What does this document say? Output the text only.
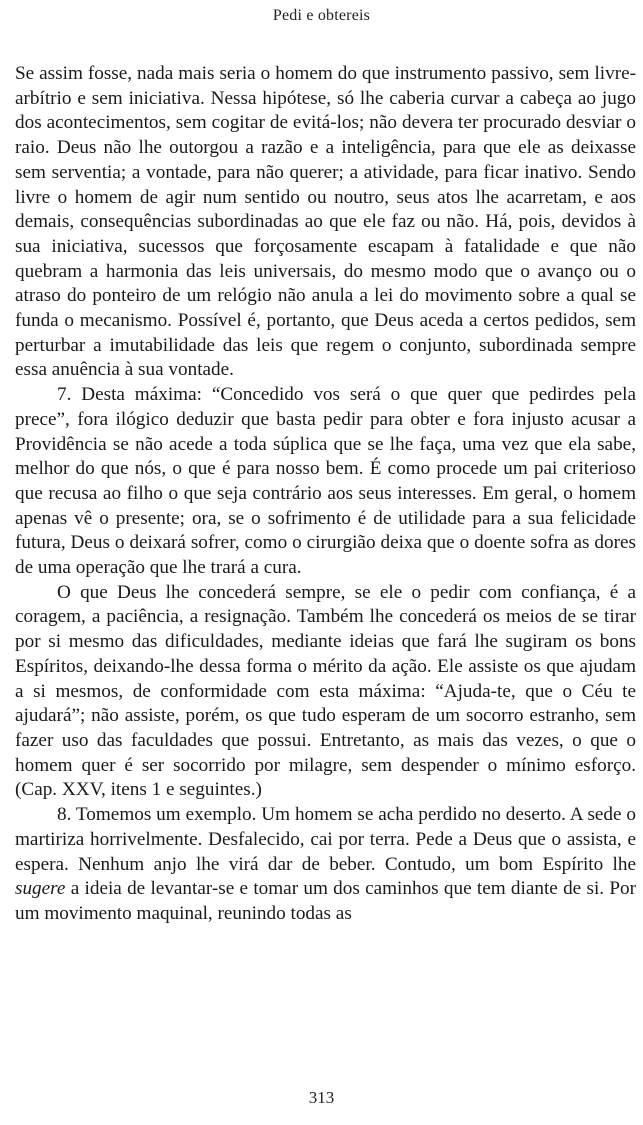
Pedi e obtereis

Se assim fosse, nada mais seria o homem do que instrumento passivo, sem livre-arbítrio e sem iniciativa. Nessa hipótese, só lhe caberia curvar a cabeça ao jugo dos acontecimentos, sem cogitar de evitá-los; não devera ter procurado desviar o raio. Deus não lhe outorgou a razão e a inteligência, para que ele as deixasse sem serventia; a vontade, para não querer; a atividade, para ficar inativo. Sendo livre o homem de agir num sentido ou noutro, seus atos lhe acarretam, e aos demais, consequências subordinadas ao que ele faz ou não. Há, pois, devidos à sua iniciativa, sucessos que forçosamente escapam à fatalidade e que não quebram a harmonia das leis universais, do mesmo modo que o avanço ou o atraso do ponteiro de um relógio não anula a lei do movimento sobre a qual se funda o mecanismo. Possível é, portanto, que Deus aceda a certos pedidos, sem perturbar a imutabilidade das leis que regem o conjunto, subordinada sempre essa anuência à sua vontade.

7. Desta máxima: “Concedido vos será o que quer que pedirdes pela prece”, fora ilógico deduzir que basta pedir para obter e fora injusto acusar a Providência se não acede a toda súplica que se lhe faça, uma vez que ela sabe, melhor do que nós, o que é para nosso bem. É como procede um pai criterioso que recusa ao filho o que seja contrário aos seus interesses. Em geral, o homem apenas vê o presente; ora, se o sofrimento é de utilidade para a sua felicidade futura, Deus o deixará sofrer, como o cirurgião deixa que o doente sofra as dores de uma operação que lhe trará a cura.

O que Deus lhe concederá sempre, se ele o pedir com confiança, é a coragem, a paciência, a resignação. Também lhe concederá os meios de se tirar por si mesmo das dificuldades, mediante ideias que fará lhe sugiram os bons Espíritos, deixando-lhe dessa forma o mérito da ação. Ele assiste os que ajudam a si mesmos, de conformidade com esta máxima: “Ajuda-te, que o Céu te ajudará”; não assiste, porém, os que tudo esperam de um socorro estranho, sem fazer uso das faculdades que possui. Entretanto, as mais das vezes, o que o homem quer é ser socorrido por milagre, sem despender o mínimo esforço. (Cap. XXV, itens 1 e seguintes.)

8. Tomemos um exemplo. Um homem se acha perdido no deserto. A sede o martiriza horrivelmente. Desfalecido, cai por terra. Pede a Deus que o assista, e espera. Nenhum anjo lhe virá dar de beber. Contudo, um bom Espírito lhe sugere a ideia de levantar-se e tomar um dos caminhos que tem diante de si. Por um movimento maquinal, reunindo todas as

313
